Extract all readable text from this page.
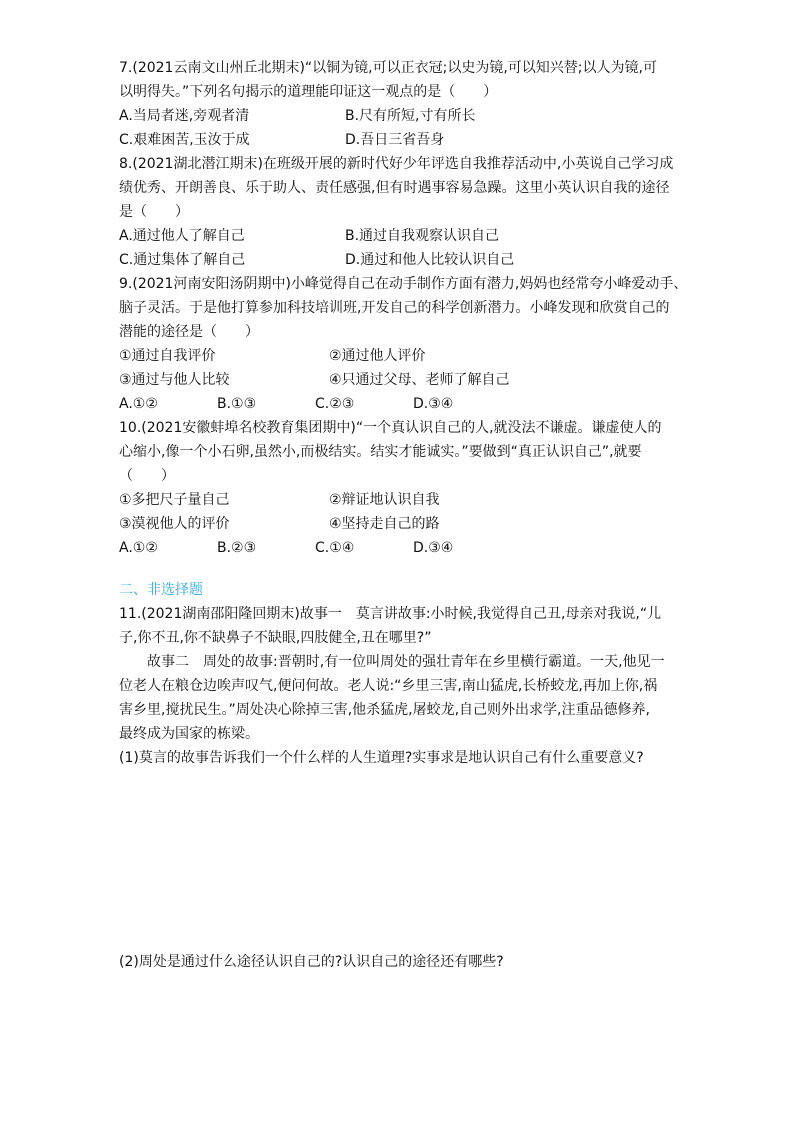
7.(2021云南文山州丘北期末)“以铜为镜,可以正衣冠;以史为镜,可以知兴替;以人为镜,可
以明得失。”下列名句揭示的道理能印证这一观点的是（　　）
A.当局者迷,旁观者清	B.尺有所短,寸有所长
C.艰难困苦,玉汝于成	D.吾日三省吾身
8.(2021湖北潜江期末)在班级开展的新时代好少年评选自我推荐活动中,小英说自己学习成
绩优秀、开朗善良、乐于助人、责任感强,但有时遇事容易急躁。这里小英认识自我的途径
是（　　）
A.通过他人了解自己	B.通过自我观察认识自己
C.通过集体了解自己	D.通过和他人比较认识自己
9.(2021河南安阳汤阴期中)小峰觉得自己在动手制作方面有潜力,妈妈也经常夸小峰爱动手、
脑子灵活。于是他打算参加科技培训班,开发自己的科学创新潜力。小峰发现和欣赏自己的
潜能的途径是（　　）
①通过自我评价	②通过他人评价
③通过与他人比较	④只通过父母、老师了解自己
A.①②	B.①③	C.②③	D.③④
10.(2021安徽蚌埠名校教育集团期中)“一个真认识自己的人,就没法不谦虚。谦虚使人的
心缩小,像一个小石卵,虽然小,而极结实。结实才能诚实。”要做到“真正认识自己”,就要
（　　）
①多把尺子量自己	②辩证地认识自我
③漠视他人的评价	④坚持走自己的路
A.①②	B.②③	C.①④	D.③④
二、非选择题
11.(2021湖南邵阳隆回期末)故事一　莫言讲故事:小时候,我觉得自己丑,母亲对我说,“儿
子,你不丑,你不缺鼻子不缺眼,四肢健全,丑在哪里?”
故事二　周处的故事:晋朝时,有一位叫周处的强壮青年在乡里横行霸道。一天,他见一
位老人在粮仓边唉声叹气,便问何故。老人说:“乡里三害,南山猛虎,长桥蛟龙,再加上你,祸
害乡里,搅扰民生。”周处决心除掉三害,他杀猛虎,屠蛟龙,自己则外出求学,注重品德修养,
最终成为国家的栋梁。
(1)莫言的故事告诉我们一个什么样的人生道理?实事求是地认识自己有什么重要意义?
(2)周处是通过什么途径认识自己的?认识自己的途径还有哪些?
